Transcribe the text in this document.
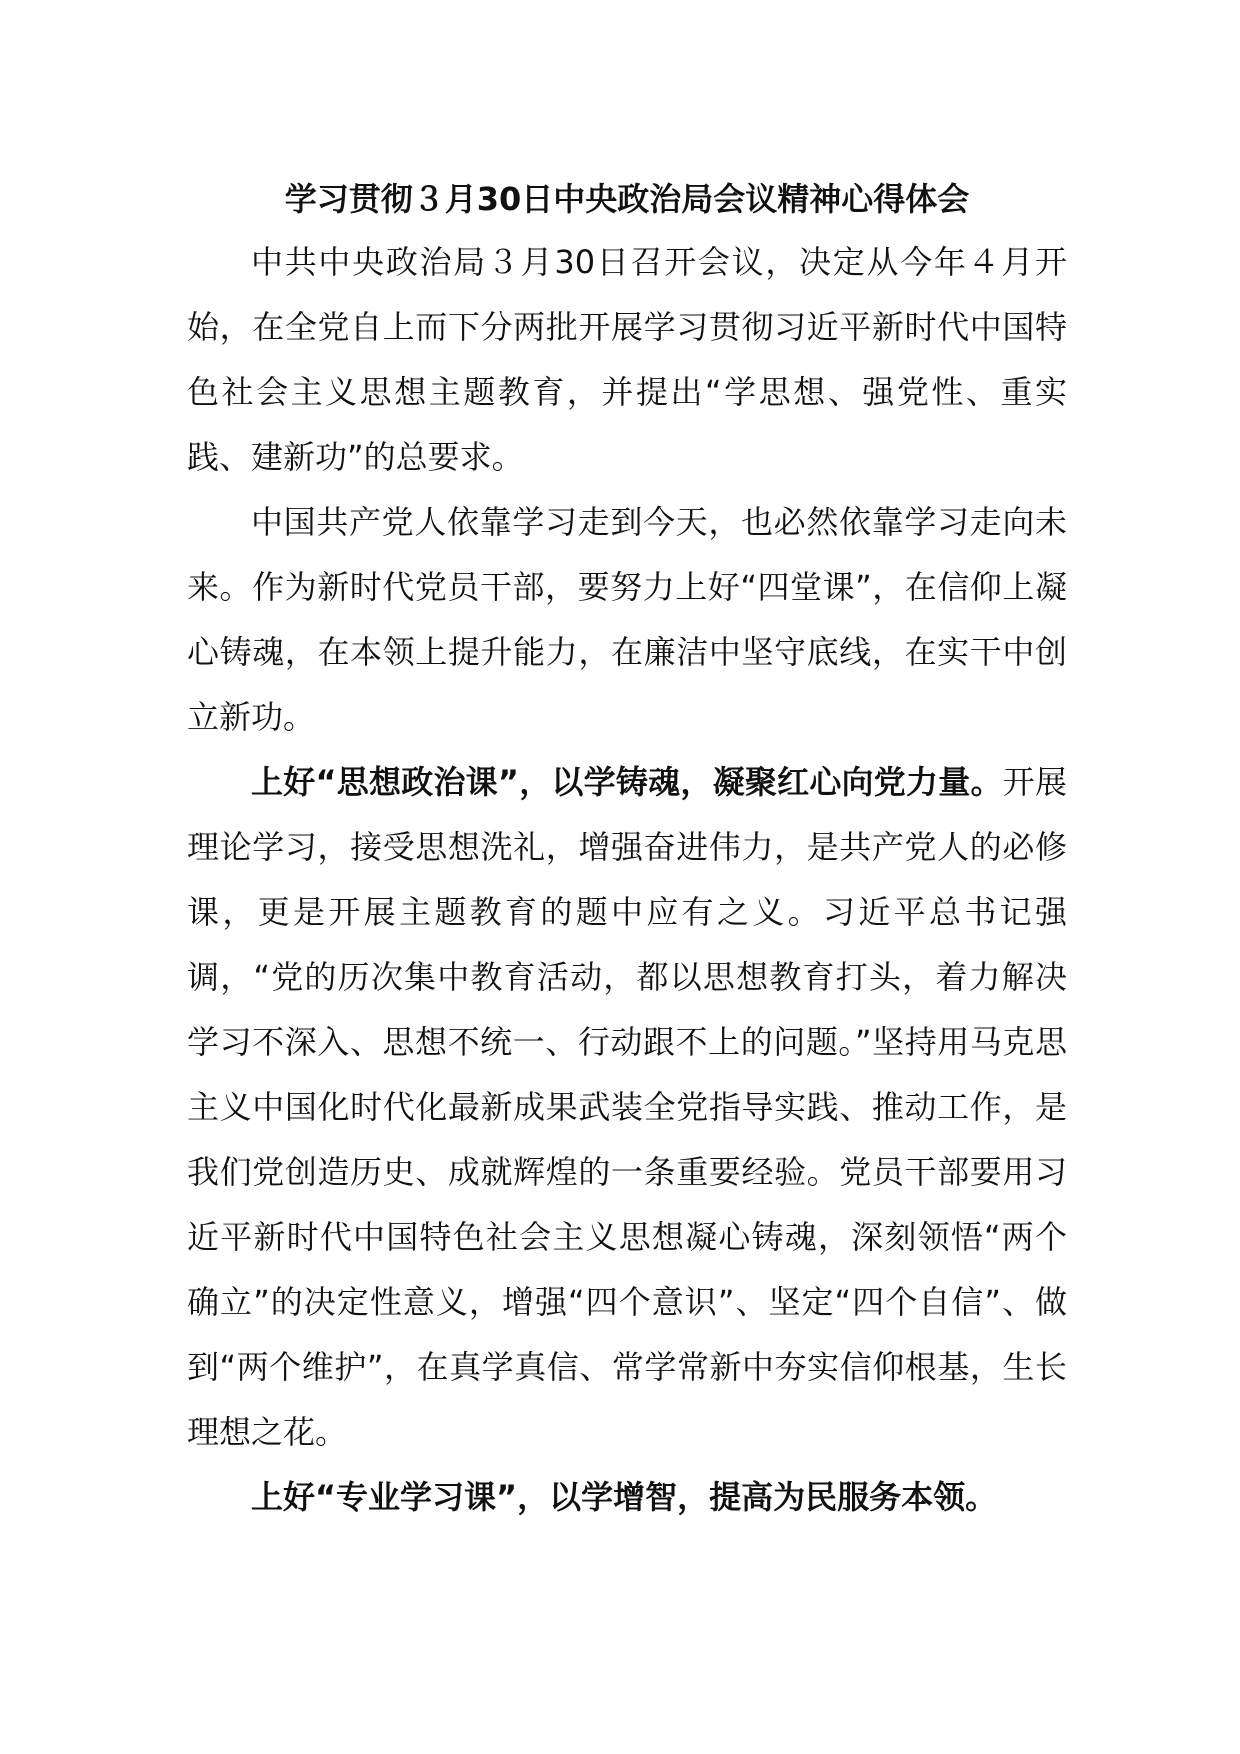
学习贯彻３月30日中央政治局会议精神心得体会

中共中央政治局３月30日召开会议，决定从今年４月开始，在全党自上而下分两批开展学习贯彻习近平新时代中国特色社会主义思想主题教育，并提出“学思想、强党性、重实践、建新功”的总要求。

中国共产党人依靠学习走到今天，也必然依靠学习走向未来。作为新时代党员干部，要努力上好“四堂课”，在信仰上凝心铸魂，在本领上提升能力，在廉洁中坚守底线，在实干中创立新功。

上好“思想政治课”，以学铸魂，凝聚红心向党力量。开展理论学习，接受思想洗礼，增强奋进伟力，是共产党人的必修课，更是开展主题教育的题中应有之义。习近平总书记强调，“党的历次集中教育活动，都以思想教育打头，着力解决学习不深入、思想不统一、行动跟不上的问题。”坚持用马克思主义中国化时代化最新成果武装全党指导实践、推动工作，是我们党创造历史、成就辉煌的一条重要经验。党员干部要用习近平新时代中国特色社会主义思想凝心铸魂，深刻领悟“两个确立”的决定性意义，增强“四个意识”、坚定“四个自信”、做到“两个维护”，在真学真信、常学常新中夯实信仰根基，生长理想之花。

上好“专业学习课”，以学增智，提高为民服务本领。
